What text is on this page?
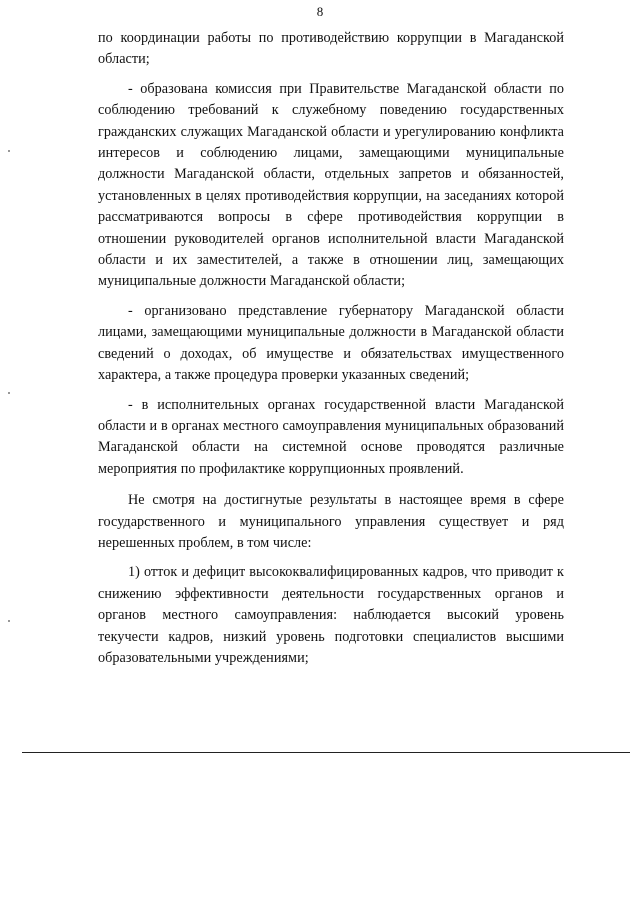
8

по координации работы по противодействию коррупции в Магаданской области;

- образована комиссия при Правительстве Магаданской области по соблюдению требований к служебному поведению государственных гражданских служащих Магаданской области и урегулированию конфликта интересов и соблюдению лицами, замещающими муниципальные должности Магаданской области, отдельных запретов и обязанностей, установленных в целях противодействия коррупции, на заседаниях которой рассматриваются вопросы в сфере противодействия коррупции в отношении руководителей органов исполнительной власти Магаданской области и их заместителей, а также в отношении лиц, замещающих муниципальные должности Магаданской области;

- организовано представление губернатору Магаданской области лицами, замещающими муниципальные должности в Магаданской области сведений о доходах, об имуществе и обязательствах имущественного характера, а также процедура проверки указанных сведений;

- в исполнительных органах государственной власти Магаданской области и в органах местного самоуправления муниципальных образований Магаданской области на системной основе проводятся различные мероприятия по профилактике коррупционных проявлений.

Не смотря на достигнутые результаты в настоящее время в сфере государственного и муниципального управления существует и ряд нерешенных проблем, в том числе:

1) отток и дефицит высококвалифицированных кадров, что приводит к снижению эффективности деятельности государственных органов и органов местного самоуправления: наблюдается высокий уровень текучести кадров, низкий уровень подготовки специалистов высшими образовательными учреждениями;
